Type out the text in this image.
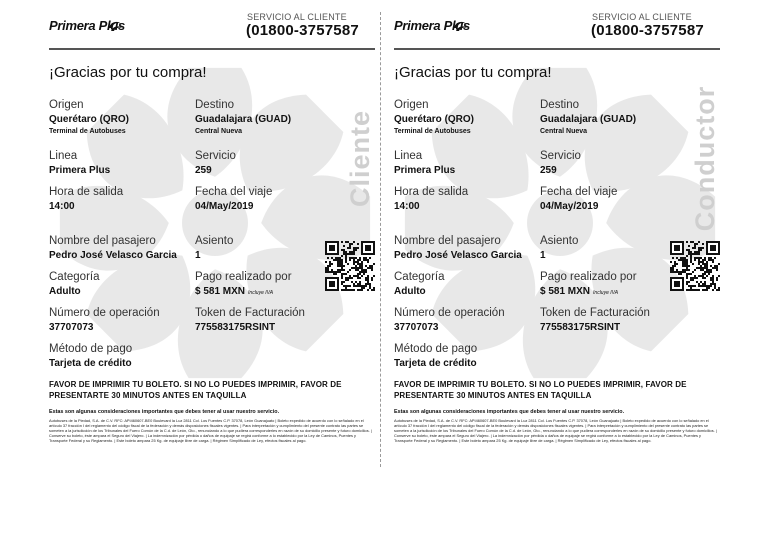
Cliente
Primera Plus
SERVICIO AL CLIENTE
(01800-3757587
¡Gracias por tu compra!
Origen
Querétaro (QRO)
Terminal de Autobuses
Destino
Guadalajara (GUAD)
Central Nueva
Linea
Primera Plus
Servicio
259
Hora de salida
14:00
Fecha del viaje
04/May/2019
Nombre del pasajero
Pedro José Velasco Garcia
Asiento
1
Categoría
Adulto
Pago realizado por
$ 581 MXN Incluye IVA
Número de operación
37707073
Token de Facturación
775583175RSINT
Método de pago
Tarjeta de crédito
FAVOR DE IMPRIMIR TU BOLETO. SI NO LO PUEDES IMPRIMIR, FAVOR DE PRESENTARTE 30 MINUTOS ANTES EN TAQUILLA
Estas son algunas consideraciones importantes que debes tener al usar nuestro servicio.
Autobuses de la Piedad, S.A. de C.V. RFC: API460607-BE0 Boulevard la Luz 2811 Col. Los Fuentes C.P. 37078, León Guanajuato | Boleto expedido de acuerdo con lo señalado en el artículo 37 fracción I del reglamento del código fiscal de la federación y demás disposiciones fiscales vigentes. | Para interpretación y cumplimiento del presente contrato las partes se someten a la jurisdicción de los Tribunales del Fuero Común de la C.d. de León, Gto., renunciando a lo que pudiera corresponderles en razón de su domicilio presente y futuro domicilios. | Conserve su boleto, éste ampara el Seguro del Viajero. | La indemnización por pérdida o daños de equipaje se regirá conforme a lo establecido por la Ley de Caminos, Puentes y Transporte Federal y su Reglamento. | Este boleto ampara 25 Kg. de equipaje libre de carga. | Régimen Simplificado de Ley, efectos fiscales al pago.
Conductor
Primera Plus
SERVICIO AL CLIENTE
(01800-3757587
¡Gracias por tu compra!
Origen
Querétaro (QRO)
Terminal de Autobuses
Destino
Guadalajara (GUAD)
Central Nueva
Linea
Primera Plus
Servicio
259
Hora de salida
14:00
Fecha del viaje
04/May/2019
Nombre del pasajero
Pedro José Velasco Garcia
Asiento
1
Categoría
Adulto
Pago realizado por
$ 581 MXN Incluye IVA
Número de operación
37707073
Token de Facturación
775583175RSINT
Método de pago
Tarjeta de crédito
FAVOR DE IMPRIMIR TU BOLETO. SI NO LO PUEDES IMPRIMIR, FAVOR DE PRESENTARTE 30 MINUTOS ANTES EN TAQUILLA
Estas son algunas consideraciones importantes que debes tener al usar nuestro servicio.
Autobuses de la Piedad, S.A. de C.V. RFC: API460607-BE0 Boulevard la Luz 2811 Col. Los Fuentes C.P. 37078, León Guanajuato | Boleto expedido de acuerdo con lo señalado en el artículo 37 fracción I del reglamento del código fiscal de la federación y demás disposiciones fiscales vigentes. | Para interpretación y cumplimiento del presente contrato las partes se someten a la jurisdicción de los Tribunales del Fuero Común de la C.d. de León, Gto., renunciando a lo que pudiera corresponderles en razón de su domicilio presente y futuro domicilios. | Conserve su boleto, éste ampara el Seguro del Viajero. | La indemnización por pérdida o daños de equipaje se regirá conforme a lo establecido por la Ley de Caminos, Puentes y Transporte Federal y su Reglamento. | Este boleto ampara 25 Kg. de equipaje libre de carga. | Régimen Simplificado de Ley, efectos fiscales al pago.
